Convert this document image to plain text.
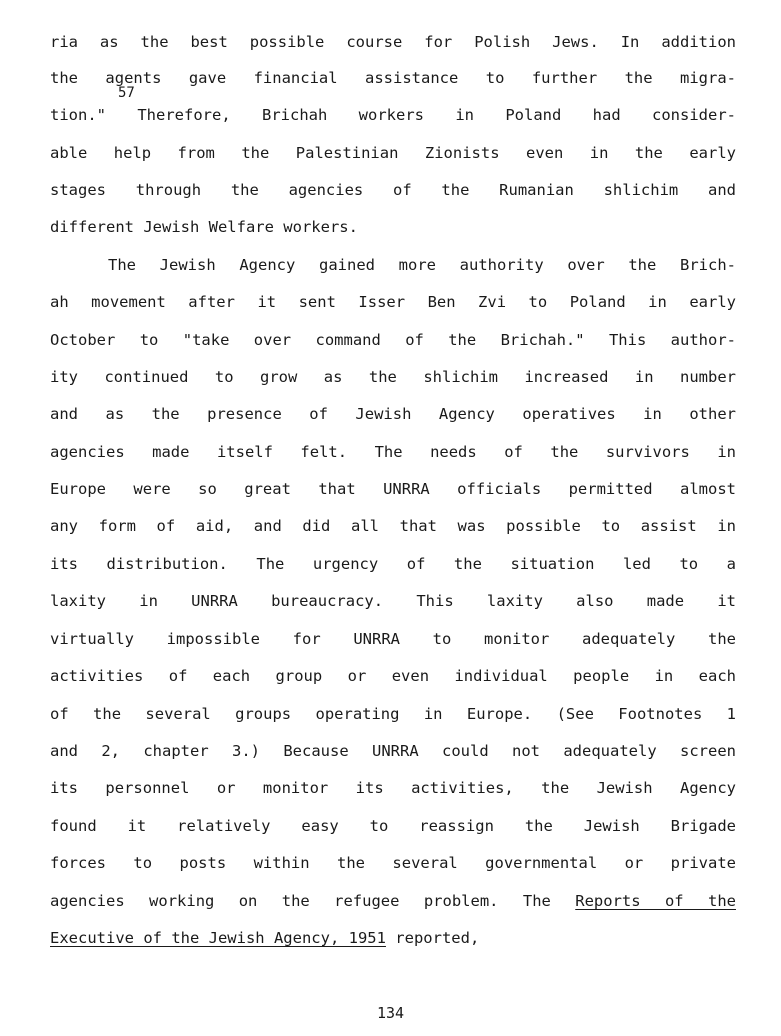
ria as the best possible course for Polish Jews. In addition
the agents gave financial assistance to further the migra-
57
tion." Therefore, Brichah workers in Poland had consider-
able help from the Palestinian Zionists even in the early
stages through the agencies of the Rumanian shlichim and
different Jewish Welfare workers.
The Jewish Agency gained more authority over the Brich-
ah movement after it sent Isser Ben Zvi to Poland in early
October to "take over command of the Brichah." This author-
ity continued to grow as the shlichim increased in number
and as the presence of Jewish Agency operatives in other
agencies made itself felt. The needs of the survivors in
Europe were so great that UNRRA officials permitted almost
any form of aid, and did all that was possible to assist in
its distribution. The urgency of the situation led to a
laxity in UNRRA bureaucracy. This laxity also made it
virtually impossible for UNRRA to monitor adequately the
activities of each group or even individual people in each
of the several groups operating in Europe. (See Footnotes 1
and 2, chapter 3.) Because UNRRA could not adequately screen
its personnel or monitor its activities, the Jewish Agency
found it relatively easy to reassign the Jewish Brigade
forces to posts within the several governmental or private
agencies working on the refugee problem. The Reports of the
Executive of the Jewish Agency, 1951 reported,
134
